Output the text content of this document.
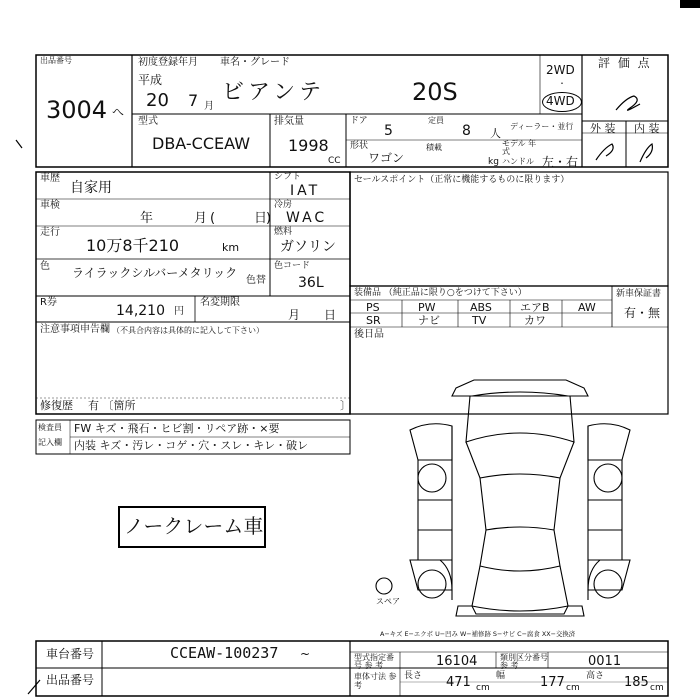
出品番号
3004 へ
初度登録年月
平成
20 7 月
車名・グレード
ビアンテ	20S
2WD
・
4WD
評 価 点
型式
DBA-CCEAW
排気量
1998
CC
ドア
5
定員
8 人
ディーラー・並行
形状
ワゴン
積載
kg
モデル 年式
ハンドル 左・右
外 装 内 装
車歴
自家用
車検
年	月 (	日
)
走行
10万8千210	km
色 ライラックシルバーメタリック
色替
シフト
IAT
冷房
WAC
燃料
ガソリン
色コード
36L
R券
14,210 円
名変期限
月 日
注意事項申告欄 （不具合内容は具体的に記入して下さい）
修復歴 有 〔箇所	〕
セールスポイント（正常に機能するものに限ります）
装備品 （純正品に限り○をつけて下さい）	新車保証書
有・無
PS	PW	ABS	エアB	AW
SR	ナビ	TV	カワ
後日品
検査員
記入欄
FW キズ・飛石・ヒビ割・リペア跡・×要
内装 キズ・汚レ・コゲ・穴・スレ・キレ・破レ
ノークレーム車
スペア
A−キズ E−エクボ U−凹み W−補修跡 S−サビ C−腐食 XX−交換済
車台番号	CCEAW-100237 ~
出品番号
型式指定番号 参 考	16104	類別区分番号 参 考	0011
車体寸法 参 考
長さ 471 cm
幅	177 cm
高さ 185 cm
